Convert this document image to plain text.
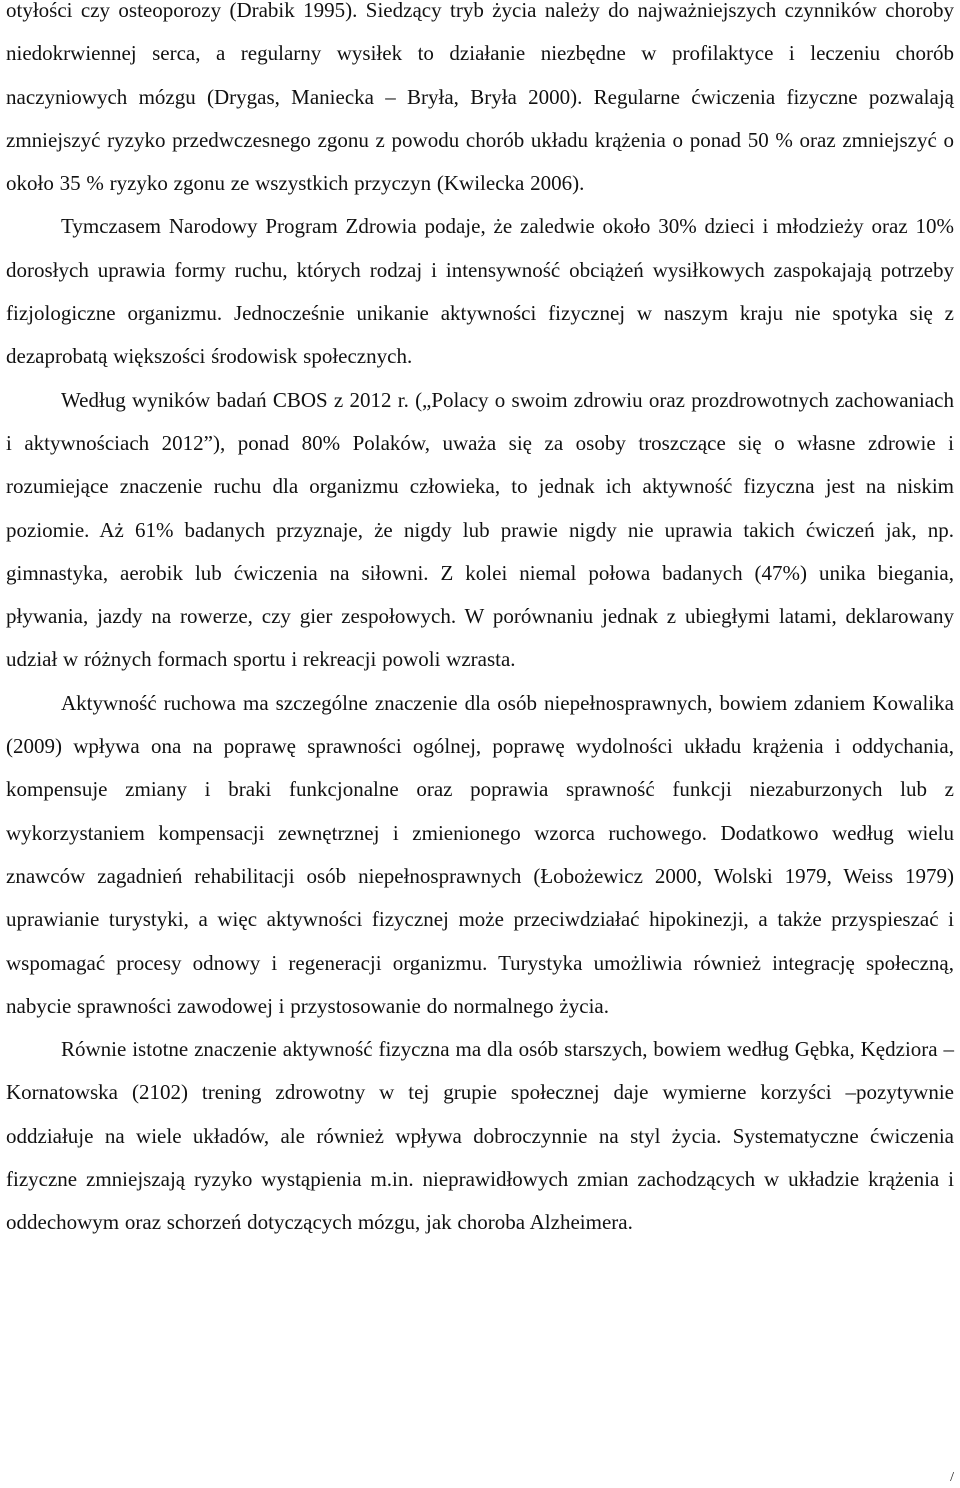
otyłości czy osteoporozy (Drabik 1995). Siedzący tryb życia należy do najważniejszych czynników choroby niedokrwiennej serca, a regularny wysiłek to działanie niezbędne w profilaktyce i leczeniu chorób naczyniowych mózgu (Drygas, Maniecka – Bryła, Bryła 2000). Regularne ćwiczenia fizyczne pozwalają zmniejszyć ryzyko przedwczesnego zgonu z powodu chorób układu krążenia o ponad 50 % oraz zmniejszyć o około 35 % ryzyko zgonu ze wszystkich przyczyn (Kwilecka 2006).

Tymczasem Narodowy Program Zdrowia podaje, że zaledwie około 30% dzieci i młodzieży oraz 10% dorosłych uprawia formy ruchu, których rodzaj i intensywność obciążeń wysiłkowych zaspokajają potrzeby fizjologiczne organizmu. Jednocześnie unikanie aktywności fizycznej w naszym kraju nie spotyka się z dezaprobatą większości środowisk społecznych.

Według wyników badań CBOS z 2012 r. („Polacy o swoim zdrowiu oraz prozdrowotnych zachowaniach i aktywnościach 2012”), ponad 80% Polaków, uważa się za osoby troszczące się o własne zdrowie i rozumiejące znaczenie ruchu dla organizmu człowieka, to jednak ich aktywność fizyczna jest na niskim poziomie. Aż 61% badanych przyznaje, że nigdy lub prawie nigdy nie uprawia takich ćwiczeń jak, np. gimnastyka, aerobik lub ćwiczenia na siłowni. Z kolei niemal połowa badanych (47%) unika biegania, pływania, jazdy na rowerze, czy gier zespołowych. W porównaniu jednak z ubiegłymi latami, deklarowany udział w różnych formach sportu i rekreacji powoli wzrasta.

Aktywność ruchowa ma szczególne znaczenie dla osób niepełnosprawnych, bowiem zdaniem Kowalika (2009) wpływa ona na poprawę sprawności ogólnej, poprawę wydolności układu krążenia i oddychania, kompensuje zmiany i braki funkcjonalne oraz poprawia sprawność funkcji niezaburzonych lub z wykorzystaniem kompensacji zewnętrznej i zmienionego wzorca ruchowego. Dodatkowo według wielu znawców zagadnień rehabilitacji osób niepełnosprawnych (Łobożewicz 2000, Wolski 1979, Weiss 1979) uprawianie turystyki, a więc aktywności fizycznej może przeciwdziałać hipokinezji, a także przyspieszać i wspomagać procesy odnowy i regeneracji organizmu. Turystyka umożliwia również integrację społeczną, nabycie sprawności zawodowej i przystosowanie do normalnego życia.

Równie istotne znaczenie aktywność fizyczna ma dla osób starszych, bowiem według Gębka, Kędziora – Kornatowska (2102) trening zdrowotny w tej grupie społecznej daje wymierne korzyści –pozytywnie oddziałuje na wiele układów, ale również wpływa dobroczynnie na styl życia. Systematyczne ćwiczenia fizyczne zmniejszają ryzyko wystąpienia m.in. nieprawidłowych zmian zachodzących w układzie krążenia i oddechowym oraz schorzeń dotyczących mózgu, jak choroba Alzheimera.

/
